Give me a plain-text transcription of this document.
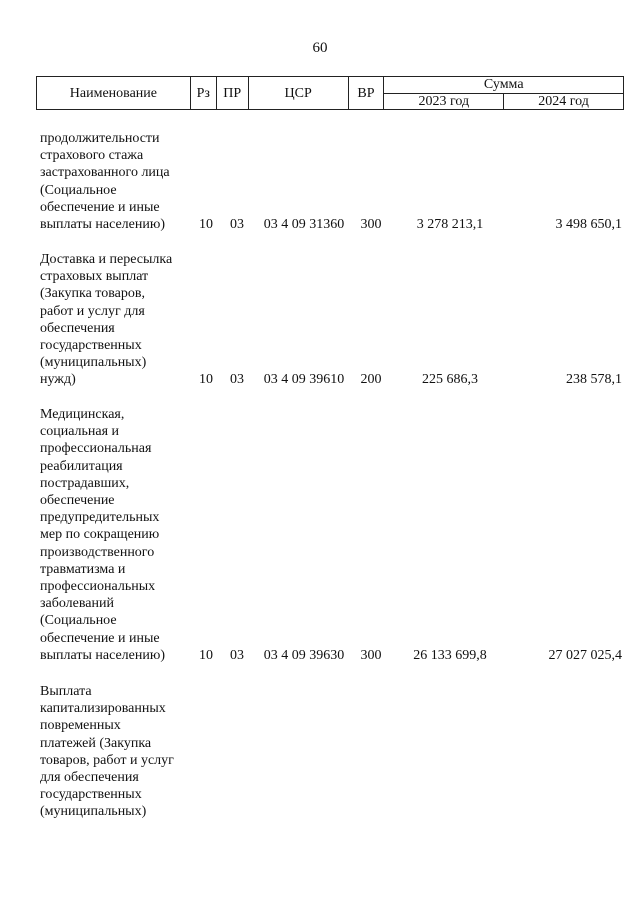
60
Наименование	Рз	ПР	ЦСР	ВР	Сумма	
					2023 год	2024 год
продолжительности
страхового стажа
застрахованного лица
(Социальное
обеспечение и иные
выплаты населению)	10 03	03 4 09 31360	300	3 278 213,1	3 498 650,1
Доставка и пересылка
страховых выплат
(Закупка товаров,
работ и услуг для
обеспечения
государственных
(муниципальных)
нужд)	10 03	03 4 09 39610	200	225 686,3	238 578,1
Медицинская,
социальная и
профессиональная
реабилитация
пострадавших,
обеспечение
предупредительных
мер по сокращению
производственного
травматизма и
профессиональных
заболеваний
(Социальное
обеспечение и иные
выплаты населению)	10 03	03 4 09 39630	300	26 133 699,8	27 027 025,4
Выплата
капитализированных
повременных
платежей (Закупка
товаров, работ и услуг
для обеспечения
государственных
(муниципальных)
